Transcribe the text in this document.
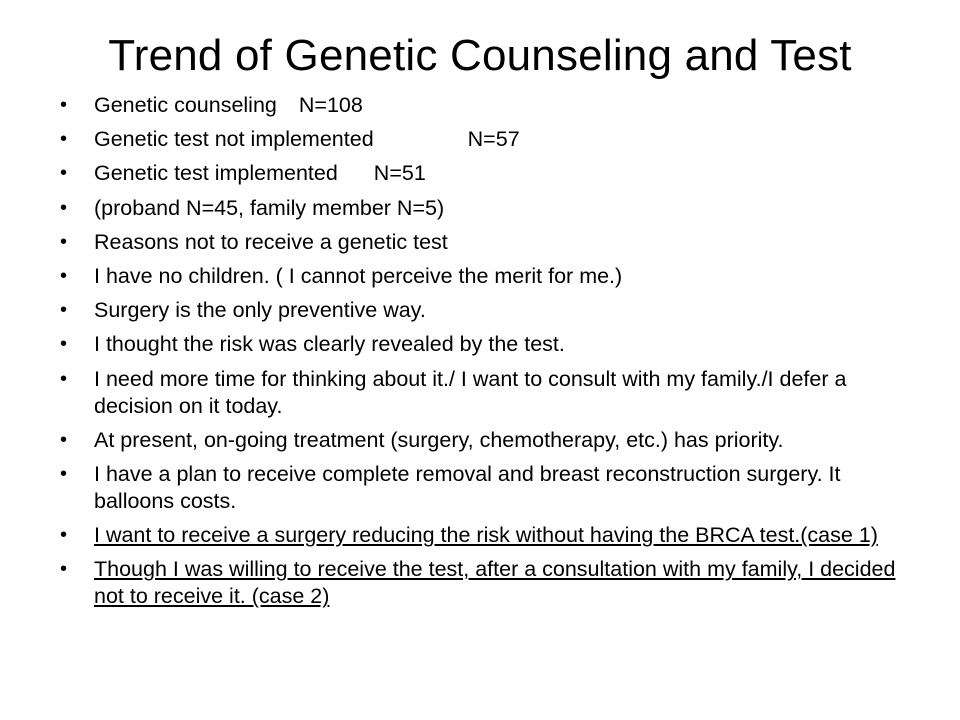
Trend of Genetic Counseling and Test
• Genetic counseling N=108
• Genetic test not implemented	N=57
• Genetic test implemented N=51
• (proband N=45, family member N=5)
• Reasons not to receive a genetic test
• I have no children. ( I cannot perceive the merit for me.)
• Surgery is the only preventive way.
• I thought the risk was clearly revealed by the test.
• I need more time for thinking about it./ I want to consult with my family./I defer a decision on it today.
• At present, on-going treatment (surgery, chemotherapy, etc.) has priority.
• I have a plan to receive complete removal and breast reconstruction surgery. It balloons costs.
• I want to receive a surgery reducing the risk without having the BRCA test.(case 1)
• Though I was willing to receive the test, after a consultation with my family, I decided not to receive it. (case 2)
